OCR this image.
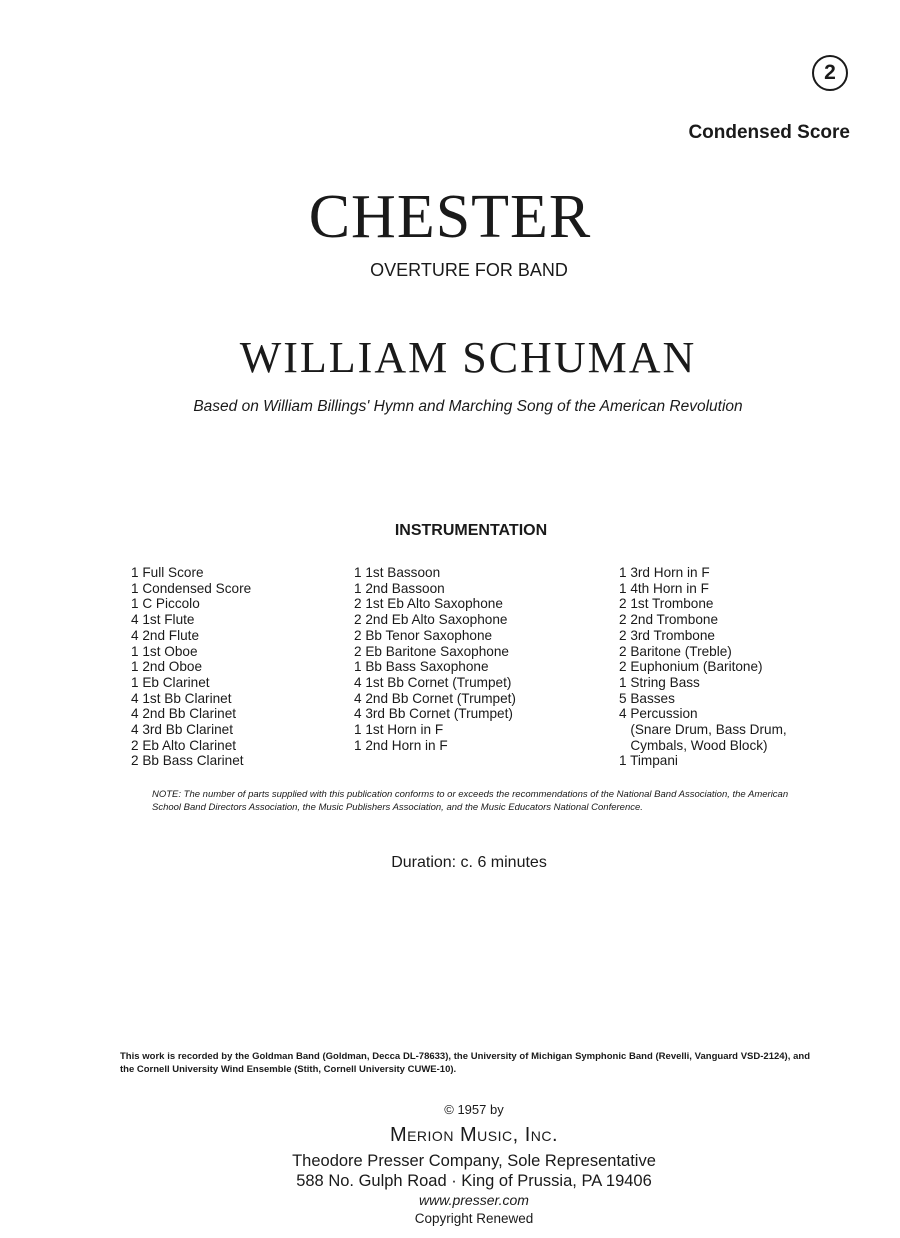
2
Condensed Score
CHESTER
OVERTURE FOR BAND
WILLIAM SCHUMAN
Based on William Billings' Hymn and Marching Song of the American Revolution
INSTRUMENTATION
1 Full Score
1 Condensed Score
1 C Piccolo
4 1st Flute
4 2nd Flute
1 1st Oboe
1 2nd Oboe
1 Eb Clarinet
4 1st Bb Clarinet
4 2nd Bb Clarinet
4 3rd Bb Clarinet
2 Eb Alto Clarinet
2 Bb Bass Clarinet
1 1st Bassoon
1 2nd Bassoon
2 1st Eb Alto Saxophone
2 2nd Eb Alto Saxophone
2 Bb Tenor Saxophone
2 Eb Baritone Saxophone
1 Bb Bass Saxophone
4 1st Bb Cornet (Trumpet)
4 2nd Bb Cornet (Trumpet)
4 3rd Bb Cornet (Trumpet)
1 1st Horn in F
1 2nd Horn in F
1 3rd Horn in F
1 4th Horn in F
2 1st Trombone
2 2nd Trombone
2 3rd Trombone
2 Baritone (Treble)
2 Euphonium (Baritone)
1 String Bass
5 Basses
4 Percussion
(Snare Drum, Bass Drum,
Cymbals, Wood Block)
1 Timpani
NOTE: The number of parts supplied with this publication conforms to or exceeds the recommendations of the National Band Association, the American School Band Directors Association, the Music Publishers Association, and the Music Educators National Conference.
Duration: c. 6 minutes
This work is recorded by the Goldman Band (Goldman, Decca DL-78633), the University of Michigan Symphonic Band (Revelli, Vanguard VSD-2124), and the Cornell University Wind Ensemble (Stith, Cornell University CUWE-10).
© 1957 by
Merion Music, Inc.
Theodore Presser Company, Sole Representative
588 No. Gulph Road · King of Prussia, PA 19406
www.presser.com
Copyright Renewed
